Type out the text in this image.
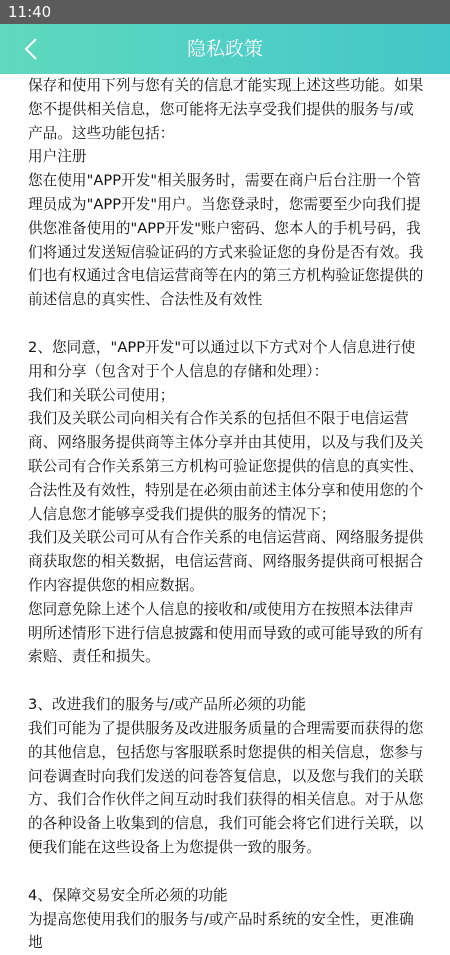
11:40
隐私政策

保存和使用下列与您有关的信息才能实现上述这些功能。如果您不提供相关信息，您可能将无法享受我们提供的服务与/或产品。这些功能包括：

用户注册

您在使用"APP开发"相关服务时，需要在商户后台注册一个管理员成为"APP开发"用户。当您登录时，您需要至少向我们提供您准备使用的"APP开发"账户密码、您本人的手机号码，我们将通过发送短信验证码的方式来验证您的身份是否有效。我们也有权通过含电信运营商等在内的第三方机构验证您提供的前述信息的真实性、合法性及有效性

2、您同意，"APP开发"可以通过以下方式对个人信息进行使用和分享（包含对于个人信息的存储和处理）：

我们和关联公司使用；

我们及关联公司向相关有合作关系的包括但不限于电信运营商、网络服务提供商等主体分享并由其使用，以及与我们及关联公司有合作关系第三方机构可验证您提供的信息的真实性、合法性及有效性，特别是在必须由前述主体分享和使用您的个人信息您才能够享受我们提供的服务的情况下；

我们及关联公司可从有合作关系的电信运营商、网络服务提供商获取您的相关数据，电信运营商、网络服务提供商可根据合作内容提供您的相应数据。

您同意免除上述个人信息的接收和/或使用方在按照本法律声明所述情形下进行信息披露和使用而导致的或可能导致的所有索赔、责任和损失。

3、改进我们的服务与/或产品所必须的功能

我们可能为了提供服务及改进服务质量的合理需要而获得的您的其他信息，包括您与客服联系时您提供的相关信息，您参与问卷调查时向我们发送的问卷答复信息，以及您与我们的关联方、我们合作伙伴之间互动时我们获得的相关信息。对于从您的各种设备上收集到的信息，我们可能会将它们进行关联，以便我们能在这些设备上为您提供一致的服务。

4、保障交易安全所必须的功能

为提高您使用我们的服务与/或产品时系统的安全性，更准确地
